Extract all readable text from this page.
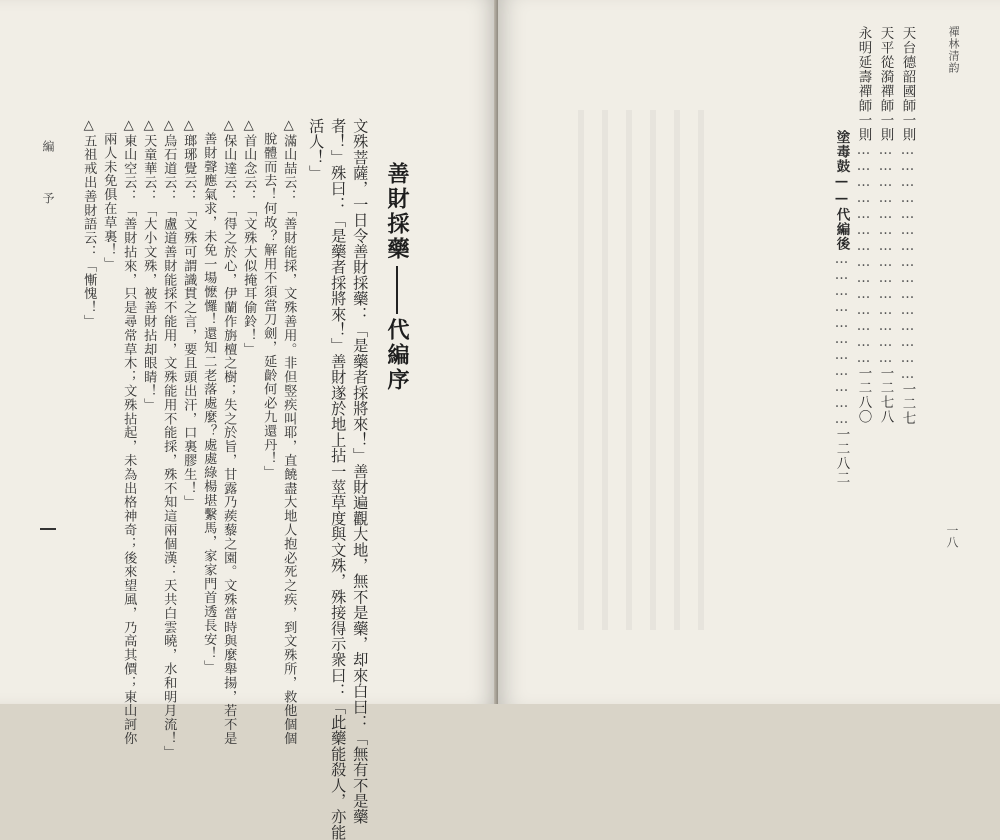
善財採藥代編序
文殊菩薩，一日令善財採藥：「是藥者採將來！」善財遍觀大地，無不是藥，却來白曰：「無有不是藥
者！」殊曰：「是藥者採將來！」善財遂於地上拈一莖草度與文殊，殊接得示衆曰：「此藥能殺人，亦能
活人！」
△滿山喆云：「善財能採，文殊善用。非但竪疾叫耶，直饒盡大地人抱必死之疾，到文殊所，救他個個
　脫體而去！何故？解用不須當刀劍，延齡何必九還丹！」
△首山念云：「文殊大似掩耳偷鈴！」
△保山達云：「得之於心，伊蘭作旃檀之樹；失之於旨，甘露乃蒺藜之園。文殊當時與麼舉揚，若不是
　善財聲應氣求，未免一場懡㦬！還知二老落處麼？處處綠楊堪繫馬，家家門首透長安！」
△瑯琊覺云：「文殊可謂識貫之言，要且頭出汗，口裏膠生！」
△烏石道云：「盧道善財能採不能用，文殊能用不能採，殊不知這兩個漢：天共白雲曉，水和明月流！」
△天童華云：「大小文殊，被善財拈却眼睛！」
△東山空云：「善財拈來，只是尋常草木；文殊拈起，未為出格神奇；後來望風，乃高其價；東山訶你
　兩人未免俱在草裏！」
△五祖戒出善財語云：「慚愧！」
編　予
禪林清韵
一八
天台德韶國師一則………………………………………一二七
天平從漪禪師一則……………………………………一二七八
永明延壽禪師一則……………………………………一二八〇
塗毒鼓——代編後……………………………一二八二
